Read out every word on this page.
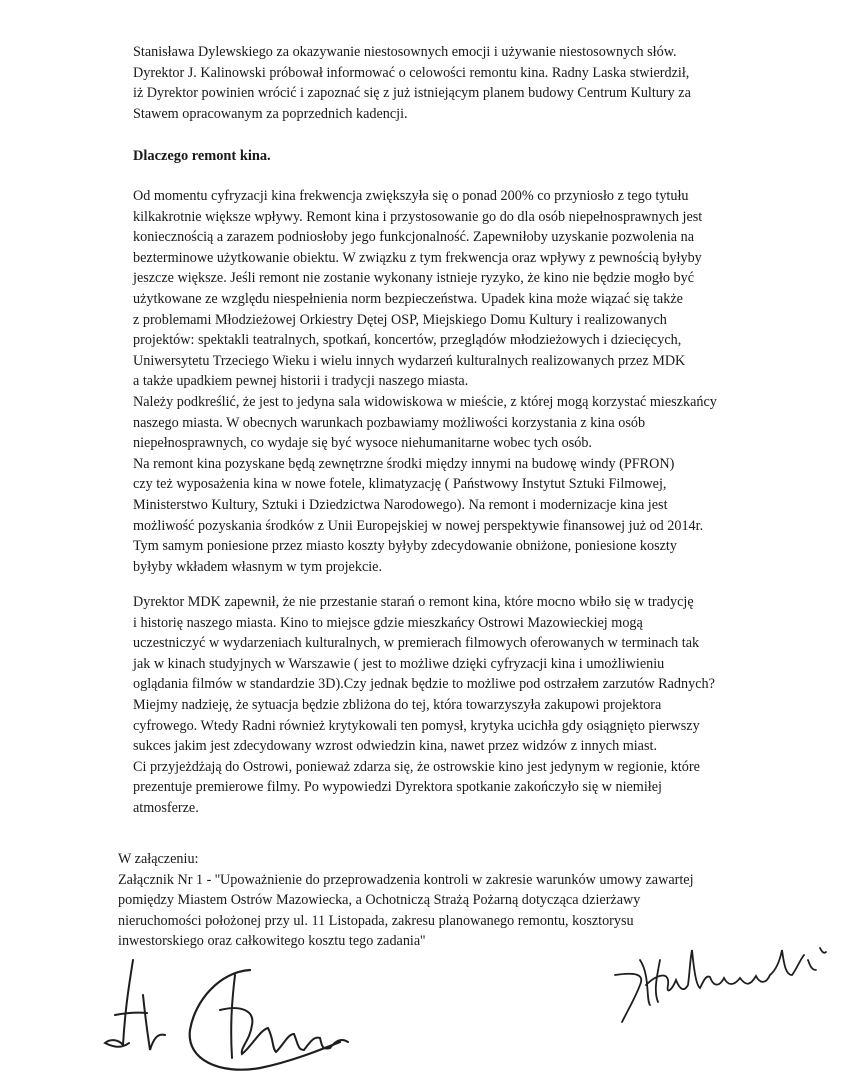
Stanisława Dylewskiego za okazywanie niestosownych emocji i używanie niestosownych słów.
Dyrektor J. Kalinowski próbował informować o celowości remontu kina. Radny Laska stwierdził,
iż Dyrektor powinien wrócić i zapoznać się z już istniejącym planem budowy Centrum Kultury za
Stawem opracowanym za poprzednich kadencji.

Dlaczego remont kina.

Od momentu cyfryzacji kina frekwencja zwiększyła się o ponad 200% co przyniosło z tego tytułu
kilkakrotnie większe wpływy. Remont kina i przystosowanie go do dla osób niepełnosprawnych jest
koniecznością a zarazem podniosłoby jego funkcjonalność. Zapewniłoby uzyskanie pozwolenia na
bezterminowe użytkowanie obiektu. W związku z tym frekwencja oraz wpływy z pewnością byłyby
jeszcze większe. Jeśli remont nie zostanie wykonany istnieje ryzyko, że kino nie będzie mogło być
użytkowane ze względu niespełnienia norm bezpieczeństwa. Upadek kina może wiązać się także
z problemami Młodzieżowej Orkiestry Dętej OSP, Miejskiego Domu Kultury i realizowanych
projektów: spektakli teatralnych, spotkań, koncertów, przeglądów młodzieżowych i dziecięcych,
Uniwersytetu Trzeciego Wieku i wielu innych wydarzeń kulturalnych realizowanych przez MDK
a także upadkiem pewnej historii i tradycji naszego miasta.
Należy podkreślić, że jest to jedyna sala widowiskowa w mieście, z której mogą korzystać mieszkańcy
naszego miasta. W obecnych warunkach pozbawiamy możliwości korzystania z kina osób
niepełnosprawnych, co wydaje się być wysoce niehumanitarne wobec tych osób.
Na remont kina pozyskane będą zewnętrzne środki między innymi na budowę windy (PFRON)
czy też wyposażenia kina w nowe fotele, klimatyzację ( Państwowy Instytut Sztuki Filmowej,
Ministerstwo Kultury, Sztuki i Dziedzictwa Narodowego). Na remont i modernizacje kina jest
możliwość pozyskania środków z Unii Europejskiej w nowej perspektywie finansowej już od 2014r.
Tym samym poniesione przez miasto koszty byłyby zdecydowanie obniżone, poniesione koszty
byłyby wkładem własnym w tym projekcie.

Dyrektor MDK zapewnił, że nie przestanie starań o remont kina, które mocno wbiło się w tradycję
i historię naszego miasta. Kino to miejsce gdzie mieszkańcy Ostrowi Mazowieckiej mogą
uczestniczyć w wydarzeniach kulturalnych, w premierach filmowych oferowanych w terminach tak
jak w kinach studyjnych w Warszawie ( jest to możliwe dzięki cyfryzacji kina i umożliwieniu
oglądania filmów w standardzie 3D).Czy jednak będzie to możliwe pod ostrzałem zarzutów Radnych?
Miejmy nadzieję, że sytuacja będzie zbliżona do tej, która towarzyszyła zakupowi projektora
cyfrowego. Wtedy Radni również krytykowali ten pomysł, krytyka ucichła gdy osiągnięto pierwszy
sukces jakim jest zdecydowany wzrost odwiedzin kina, nawet przez widzów z innych miast.
Ci przyjeżdżają do Ostrowi, ponieważ zdarza się, że ostrowskie kino jest jedynym w regionie, które
prezentuje premierowe filmy. Po wypowiedzi Dyrektora spotkanie zakończyło się w niemiłej
atmosferze.

W załączeniu:
Załącznik Nr 1 - ''Upoważnienie do przeprowadzenia kontroli w zakresie warunków umowy zawartej
pomiędzy Miastem Ostrów Mazowiecka, a Ochotniczą Strażą Pożarną dotycząca dzierżawy
nieruchomości położonej przy ul. 11 Listopada, zakresu planowanego remontu, kosztorysu
inwestorskiego oraz całkowitego kosztu tego zadania''

J Kalinowski
